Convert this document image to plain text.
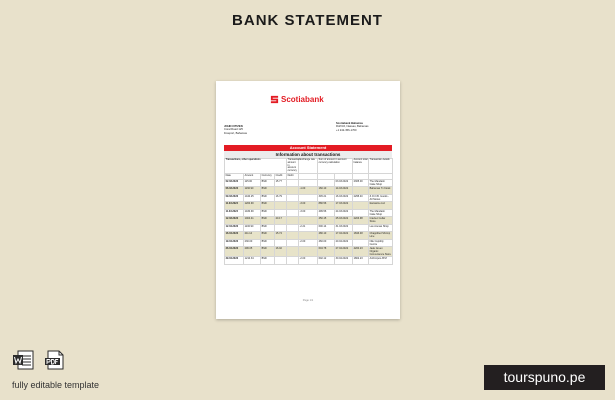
BANK STATEMENT
Scotiabank
JOHN CITIZEN
Coral Road 125
Freeport, Bahamas
Scotiabank Bahamas
Rolf Rd, Nassau, Bahamas
+1 242-356-1700
Account Statement
Information about transactions
Transactions, other operations				Transaction amount in account currency	Exchange rate	Sum of amount in account currency calculation		Account total balance	Transaction details
Date	Amount	Currency	Credit	Debit					
02.03.2022	115.00	BSD	15.77				03.03.2022	2305.00	The Mandarin Cake Shop
06.03.2022	1160.90	BSD			-1.00	160.10	14.03.2022		Bahamas Tv Kiosk
09.03.2022	1440.25	BSD	16.79			345.21	16.03.2022	2295.40	Z.O.O.B. Goods - All Stores
11.03.2022	1200.90	BSD			-3.00	880.56	17.03.2022		Ikamarine Ltd
11.03.2022	1430.90	BSD			-3.00	499.56	24.03.2022		The Mandarin Cake Shop
12.03.2022	1004.41	BSD	20.17			450.15	25.03.2022	2203.98	Intertec Cellar Store
12.04.2022	1100.90	BSD			-2.21	600.14	31.03.2022		Las Arenas Shop
16.04.2022	211.14	BSD	15.74			480.10	17.04.2022	1843.48	Chappified Shrimp Line
19.04.2022	230.00	BSD			-2.00	460.00	20.04.2022		Nile Cupidity Centre
26.04.2022	296.05	BSD	16.02			604.78	27.04.2022	4200.23	Jade Green Organic Convenience Store
29.04.2022	1210.34	BSD			-2.00	602.12	30.04.2022	1802.23	Anthropos ATM
Page 1/1
fully editable template	tourspuno.pe
